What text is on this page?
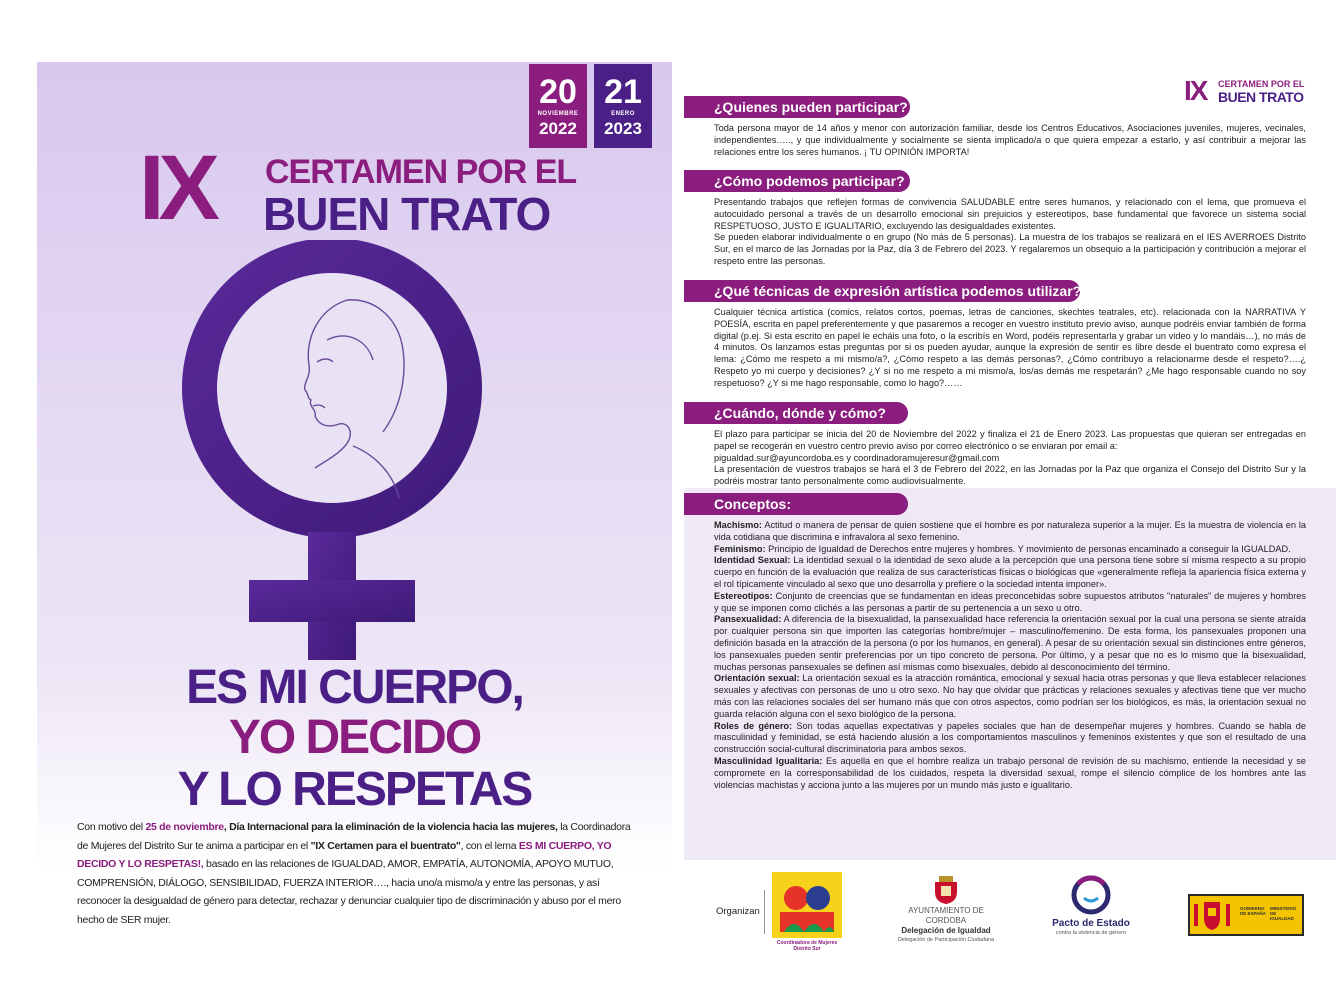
20
NOVIEMBRE
2022
21
ENERO
2023
IX CERTAMEN POR EL
BUEN TRATO
ES MI CUERPO,
YO DECIDO
Y LO RESPETAS
Con motivo del 25 de noviembre, Día Internacional para la eliminación de la violencia hacia las mujeres, la Coordinadora de Mujeres del Distrito Sur te anima a participar en el "IX Certamen para el buentrato", con el lema ES MI CUERPO, YO DECIDO Y LO RESPETAS!, basado en las relaciones de IGUALDAD, AMOR, EMPATÍA, AUTONOMÍA, APOYO MUTUO, COMPRENSIÓN, DIÁLOGO, SENSIBILIDAD, FUERZA INTERIOR…., hacia uno/a mismo/a y entre las personas, y así reconocer la desigualdad de género para detectar, rechazar y denunciar cualquier tipo de discriminación y abuso por el mero hecho de SER mujer.
IX CERTAMEN POR EL
BUEN TRATO
¿Quienes pueden participar?

Toda persona mayor de 14 años y menor con autorización familiar, desde los Centros Educativos, Asociaciones juveniles, mujeres, vecinales, independientes….., y que individualmente y socialmente se sienta implicado/a o que quiera empezar a estarlo, y así contribuir a mejorar las relaciones entre los seres humanos. ¡ TU OPINIÓN IMPORTA!

¿Cómo podemos participar?

Presentando trabajos que reflejen formas de convivencia SALUDABLE entre seres humanos, y relacionado con el lema, que promueva el autocuidado personal a través de un desarrollo emocional sin prejuicios y estereotipos, base fundamental que favorece un sistema social RESPETUOSO, JUSTO E IGUALITARIO, excluyendo las desigualdades existentes.

Se pueden elaborar individualmente o en grupo (No más de 5 personas). La muestra de los trabajos se realizará en el IES AVERROES Distrito Sur, en el marco de las Jornadas por la Paz, día 3 de Febrero del 2023. Y regalaremos un obsequio a la participación y contribución a mejorar el respeto entre las personas.

¿Qué técnicas de expresión artística podemos utilizar?

Cualquier técnica artística (comics, relatos cortos, poemas, letras de canciones, skechtes teatrales, etc). relacionada con la NARRATIVA Y POESÍA, escrita en papel preferentemente y que pasaremos a recoger en vuestro instituto previo aviso, aunque podréis enviar también de forma digital (p.ej. Si esta escrito en papel le echáis una foto, o la escribís en Word, podéis representarla y grabar un video y lo mandáis…), no más de 4 minutos. Os lanzamos estas preguntas por si os pueden ayudar, aunque la expresión de sentir es libre desde el buentrato como expresa el lema: ¿Cómo me respeto a mi mismo/a?, ¿Cómo respeto a las demás personas?, ¿Cómo contribuyo a relacionarme desde el respeto?….¿ Respeto yo mi cuerpo y decisiones? ¿Y si no me respeto a mi mismo/a, los/as demás me respetarán? ¿Me hago responsable cuando no soy respetuoso? ¿Y si me hago responsable, como lo hago?……

¿Cuándo, dónde y cómo?

El plazo para participar se inicia del 20 de Noviembre del 2022 y finaliza el 21 de Enero 2023. Las propuestas que quieran ser entregadas en papel se recogerán en vuestro centro previo aviso por correo electrónico o se enviaran por email a:

pigualdad.sur@ayuncordoba.es y coordinadoramujeresur@gmail.com

La presentación de vuestros trabajos se hará el 3 de Febrero del 2022, en las Jornadas por la Paz que organiza el Consejo del Distrito Sur y la podréis mostrar tanto personalmente como audiovisualmente.

Conceptos:

Machismo: Actitud o manera de pensar de quien sostiene que el hombre es por naturaleza superior a la mujer. Es la muestra de violencia en la vida cotidiana que discrimina e infravalora al sexo femenino.

Feminismo: Principio de Igualdad de Derechos entre mujeres y hombres. Y movimiento de personas encaminado a conseguir la IGUALDAD.

Identidad Sexual: La identidad sexual o la identidad de sexo alude a la percepción que una persona tiene sobre sí misma respecto a su propio cuerpo en función de la evaluación que realiza de sus características físicas o biológicas que «generalmente refleja la apariencia física externa y el rol típicamente vinculado al sexo que uno desarrolla y prefiere o la sociedad intenta imponer».

Estereotipos: Conjunto de creencias que se fundamentan en ideas preconcebidas sobre supuestos atributos "naturales" de mujeres y hombres y que se imponen como clichés a las personas a partir de su pertenencia a un sexo u otro.

Pansexualidad: A diferencia de la bisexualidad, la pansexualidad hace referencia la orientación sexual por la cual una persona se siente atraída por cualquier persona sin que importen las categorías hombre/mujer – masculino/femenino. De esta forma, los pansexuales proponen una definición basada en la atracción de la persona (o por los humanos, en general). A pesar de su orientación sexual sin distinciones entre géneros, los pansexuales pueden sentir preferencias por un tipo concreto de persona. Por último, y a pesar que no es lo mismo que la bisexualidad, muchas personas pansexuales se definen así mismas como bisexuales, debido al desconocimiento del término.

Orientación sexual: La orientación sexual es la atracción romántica, emocional y sexual hacia otras personas y que lleva establecer relaciones sexuales y afectivas con personas de uno u otro sexo. No hay que olvidar que prácticas y relaciones sexuales y afectivas tiene que ver mucho más con las relaciones sociales del ser humano más que con otros aspectos, como podrían ser los biológicos, es más, la orientación sexual no guarda relación alguna con el sexo biológico de la persona.

Roles de género: Son todas aquellas expectativas y papeles sociales que han de desempeñar mujeres y hombres. Cuando se habla de masculinidad y feminidad, se está haciendo alusión a los comportamientos masculinos y femeninos existentes y que son el resultado de una construcción social-cultural discriminatoria para ambos sexos.

Masculinidad Igualitaria: Es aquella en que el hombre realiza un trabajo personal de revisión de su machismo, entiende la necesidad y se compromete en la corresponsabilidad de los cuidados, respeta la diversidad sexual, rompe el silencio cómplice de los hombres ante las violencias machistas y acciona junto a las mujeres por un mundo más justo e igualitario.

Organizan
Coordinadora de Mujeres Distrito Sur
AYUNTAMIENTO DE CORDOBA
Delegación de Igualdad
Delegación de Participación Ciudadana
Pacto de Estado
contra la violencia de género
GOBIERNO DE ESPAÑA
MINISTERIO DE IGUALDAD
